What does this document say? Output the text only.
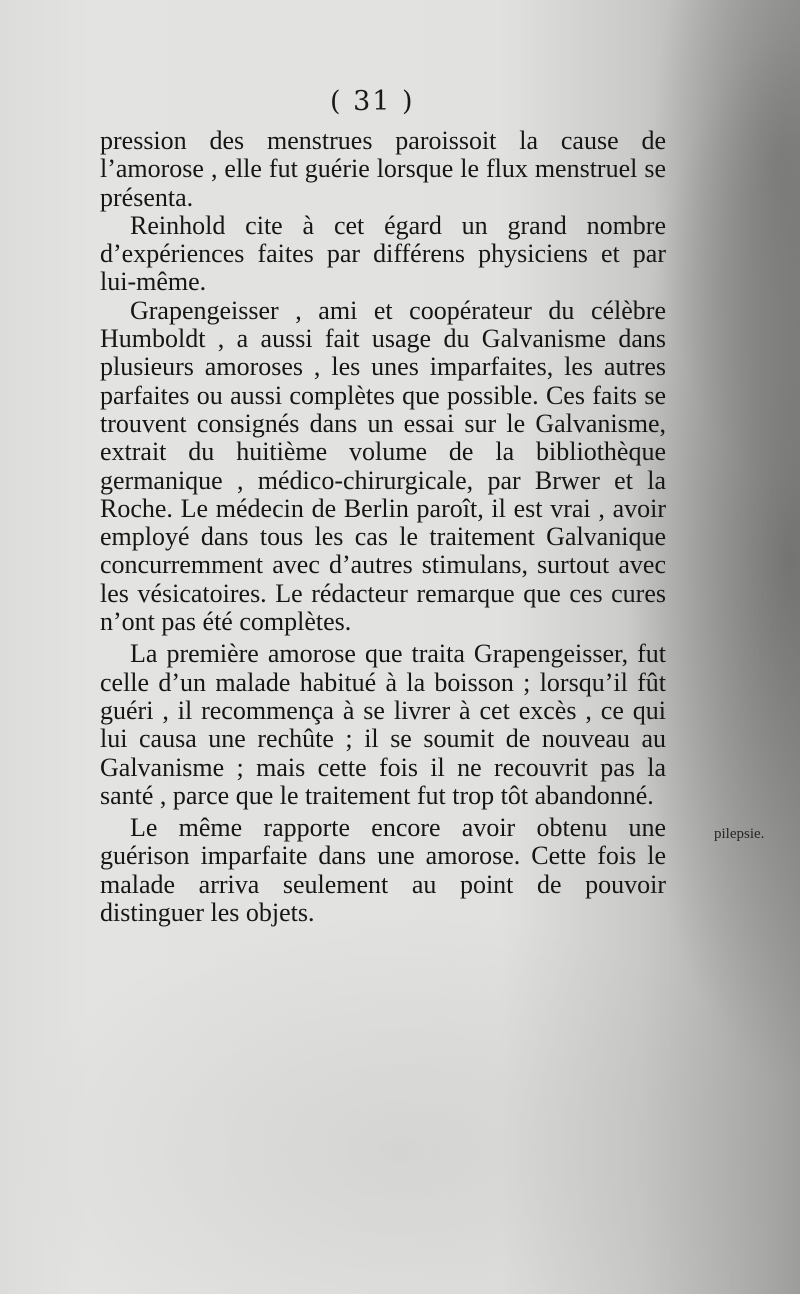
( 31 )

pression des menstrues paroissoit la cause de l’amorose , elle fut guérie lorsque le flux menstruel se présenta.

Reinhold cite à cet égard un grand nombre d’expériences faites par différens physiciens et par lui-même.

Grapengeisser , ami et coopérateur du célèbre Humboldt , a aussi fait usage du Galvanisme dans plusieurs amoroses , les unes imparfaites, les autres parfaites ou aussi complètes que possible. Ces faits se trouvent consignés dans un essai sur le Galvanisme, extrait du huitième volume de la bibliothèque germanique , médico-chirurgicale, par Brwer et la Roche. Le médecin de Berlin paroît, il est vrai , avoir employé dans tous les cas le traitement Galvanique concurremment avec d’autres stimulans, surtout avec les vésicatoires. Le rédacteur remarque que ces cures n’ont pas été complètes.

La première amorose que traita Grapengeisser, fut celle d’un malade habitué à la boisson ; lorsqu’il fût guéri , il recommença à se livrer à cet excès , ce qui lui causa une rechûte ; il se soumit de nouveau au Galvanisme ; mais cette fois il ne recouvrit pas la santé , parce que le traitement fut trop tôt abandonné.

Le même rapporte encore avoir obtenu une guérison imparfaite dans une amorose. Cette fois le malade arriva seulement au point de pouvoir distinguer les objets.

pilepsie.
